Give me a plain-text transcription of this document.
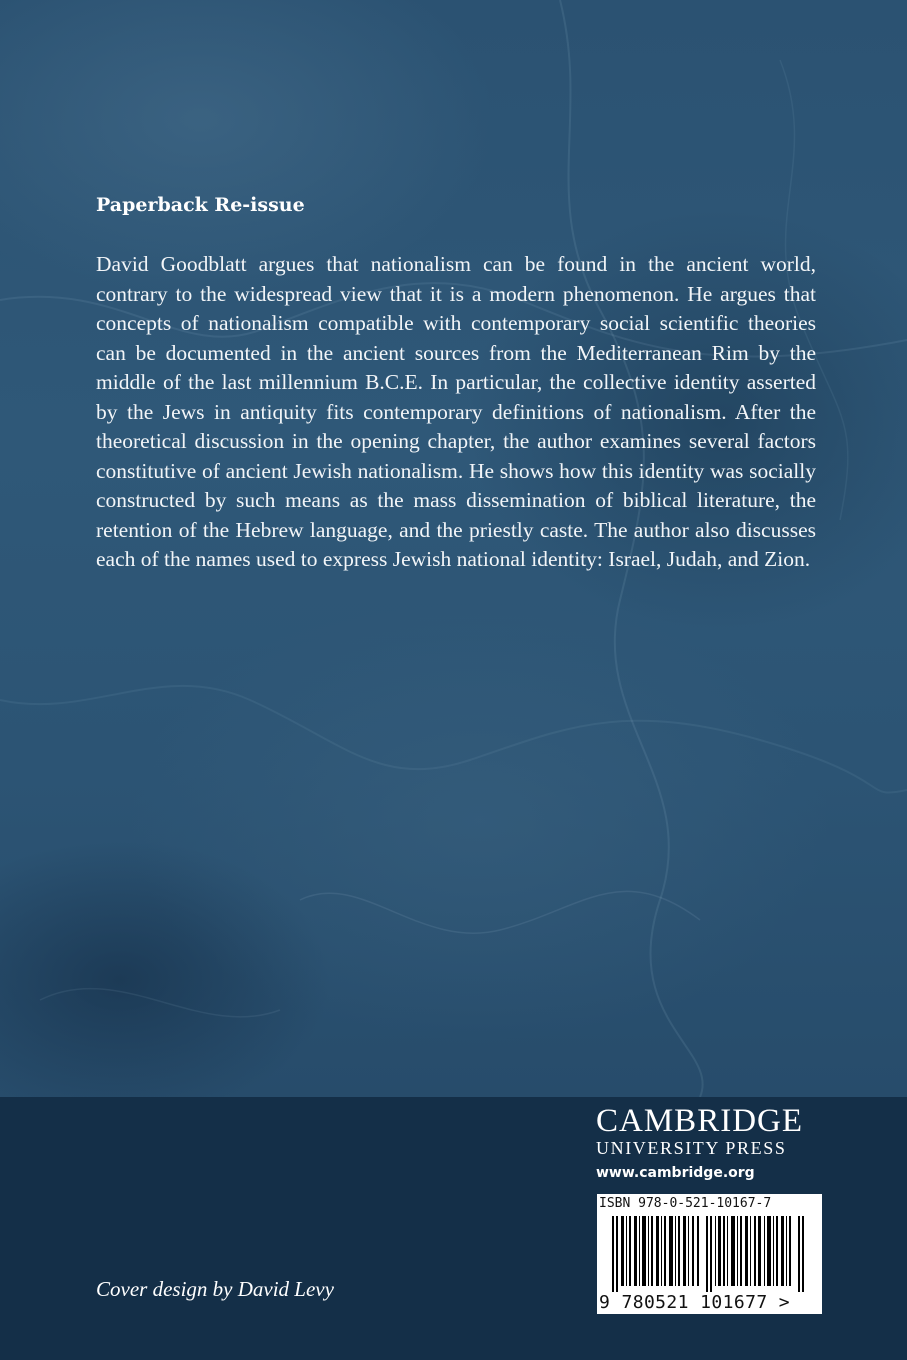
Paperback Re-issue

David Goodblatt argues that nationalism can be found in the ancient world, contrary to the widespread view that it is a modern phenomenon. He argues that concepts of nationalism compatible with contemporary social scientific theories can be documented in the ancient sources from the Mediterranean Rim by the middle of the last millennium B.C.E. In particular, the collective identity asserted by the Jews in antiquity fits contemporary definitions of nationalism. After the theoretical discussion in the opening chapter, the author examines several factors constitutive of ancient Jewish nationalism. He shows how this identity was socially constructed by such means as the mass dissemination of biblical literature, the retention of the Hebrew language, and the priestly caste. The author also discusses each of the names used to express Jewish national identity: Israel, Judah, and Zion.

CAMBRIDGE

UNIVERSITY PRESS

www.cambridge.org

ISBN 978-0-521-10167-7
9 780521 101677 >

Cover design by David Levy
